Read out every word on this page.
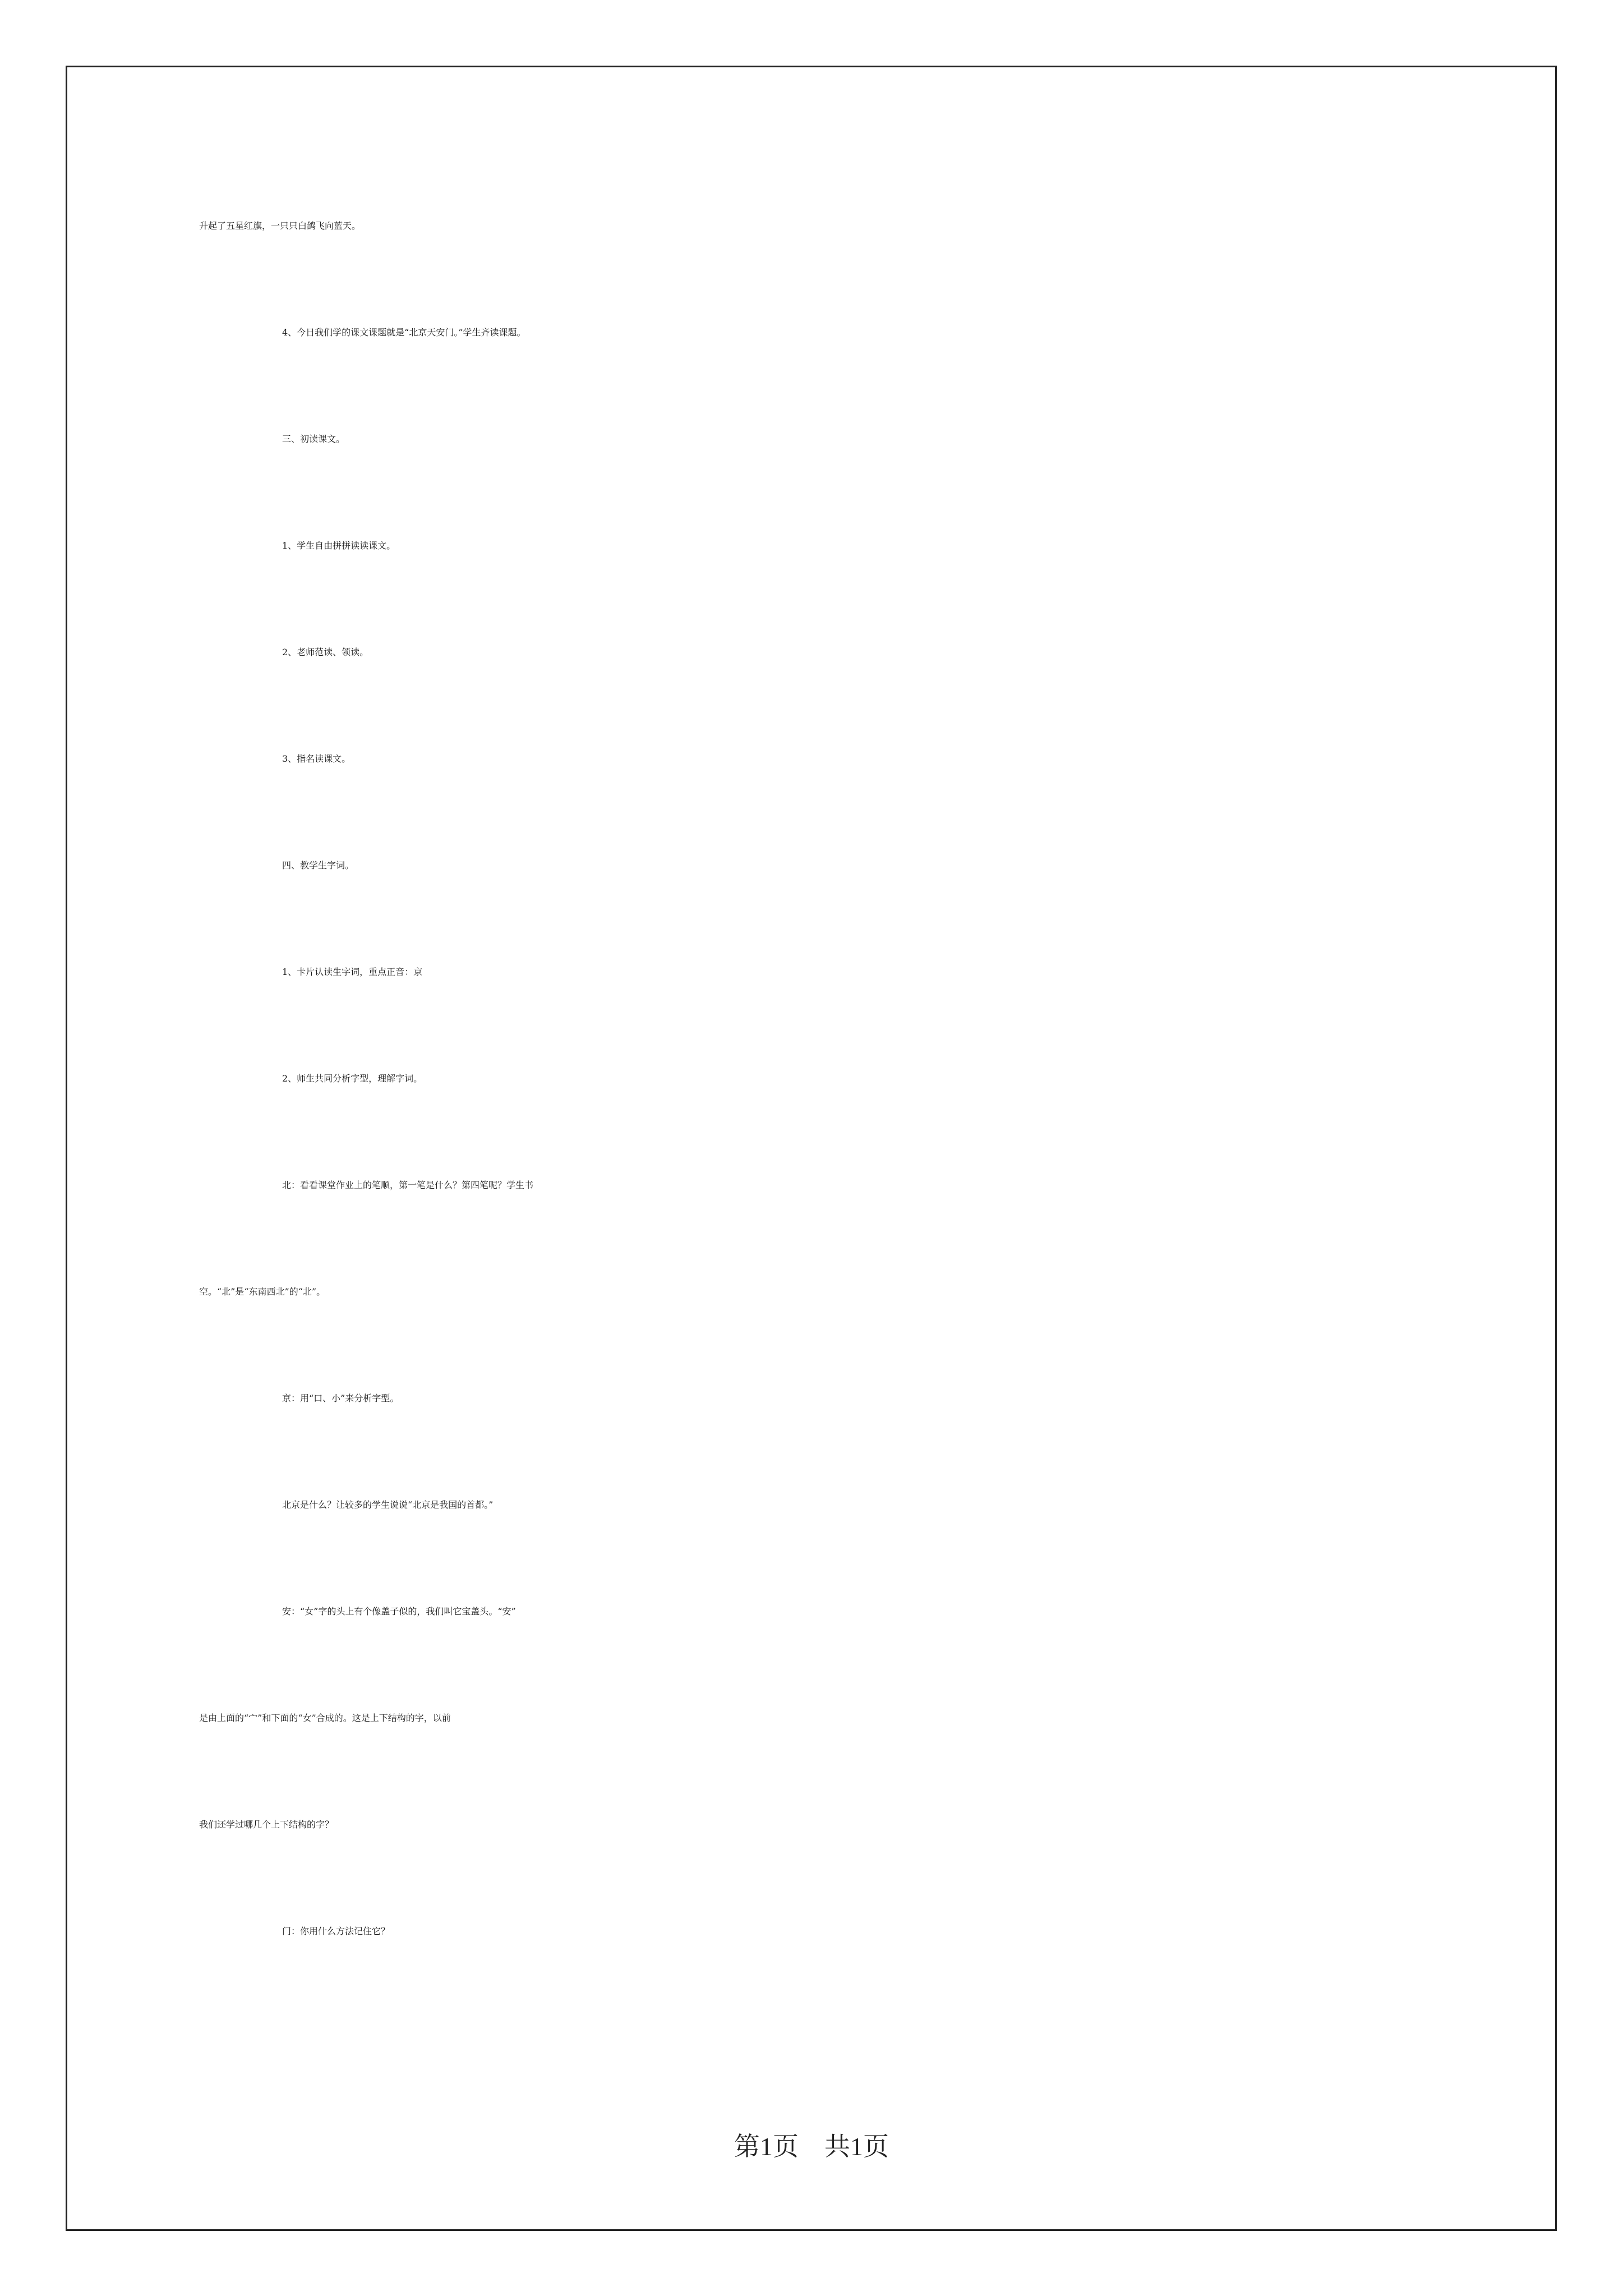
升起了五星红旗，一只只白鸽飞向蓝天。
4、今日我们学的课文课题就是“北京天安门。”学生齐读课题。
三、初读课文。
1、学生自由拼拼读读课文。
2、老师范读、领读。
3、指名读课文。
四、教学生字词。
1、卡片认读生字词，重点正音：京
2、师生共同分析字型，理解字词。
北：看看课堂作业上的笔顺，第一笔是什么？第四笔呢？学生书
空。“北”是“东南西北”的“北”。
京：用“口、小”来分析字型。
北京是什么？让较多的学生说说“北京是我国的首都。”
安：“女”字的头上有个像盖子似的，我们叫它宝盖头。“安”
是由上面的“宀”和下面的“女”合成的。这是上下结构的字，以前
我们还学过哪几个上下结构的字？
门：你用什么方法记住它？
第1页　共1页
